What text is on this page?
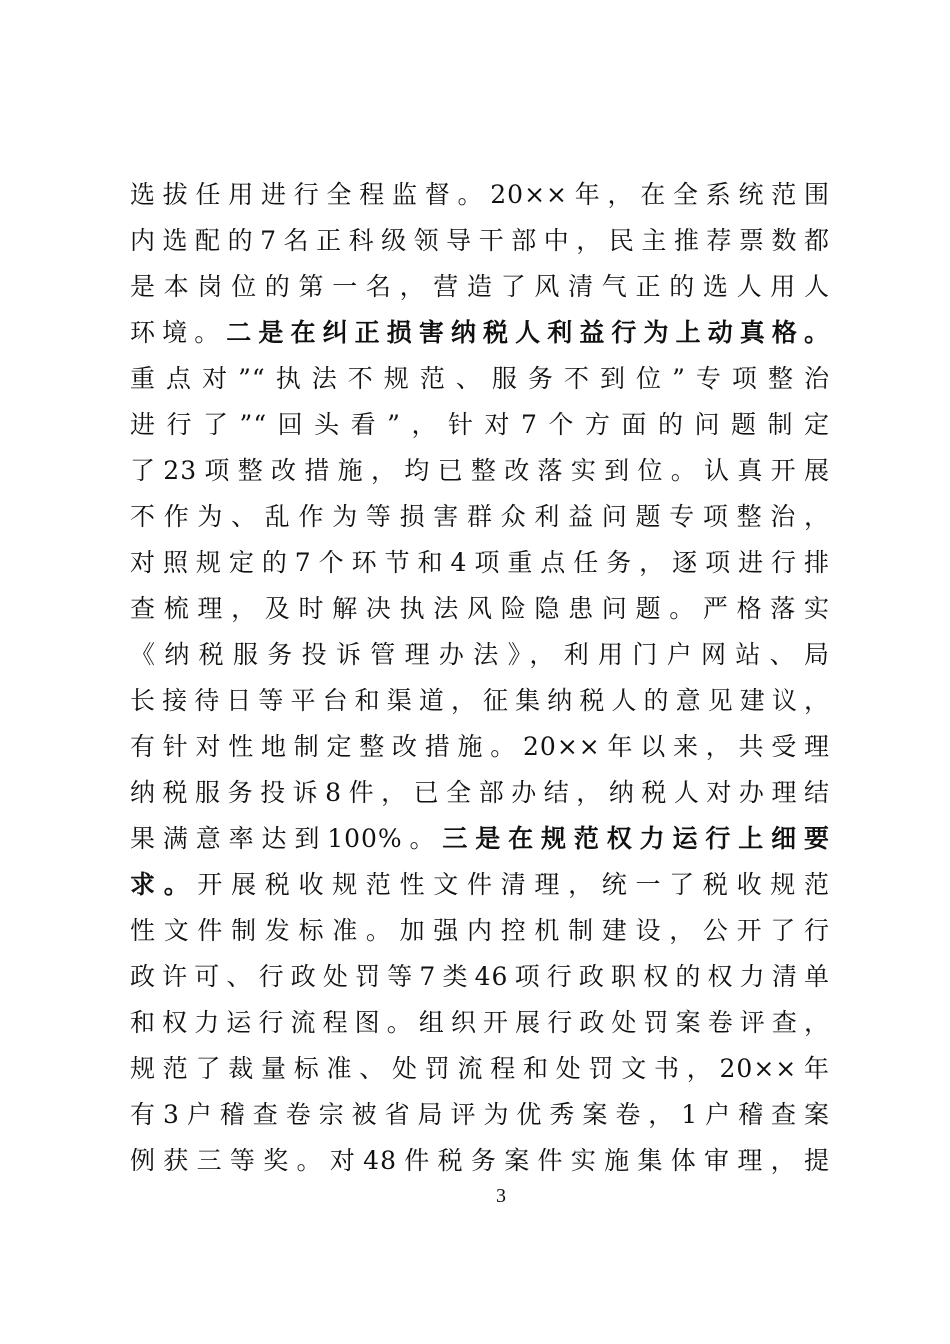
选拔任用进行全程监督。20××年，在全系统范围
内选配的7名正科级领导干部中，民主推荐票数都
是本岗位的第一名，营造了风清气正的选人用人
环境。二是在纠正损害纳税人利益行为上动真格。
重点对”“执法不规范、服务不到位”专项整治
进行了”“回头看”，针对7个方面的问题制定
了23项整改措施，均已整改落实到位。认真开展
不作为、乱作为等损害群众利益问题专项整治，
对照规定的7个环节和4项重点任务，逐项进行排
查梳理，及时解决执法风险隐患问题。严格落实
《纳税服务投诉管理办法》，利用门户网站、局
长接待日等平台和渠道，征集纳税人的意见建议，
有针对性地制定整改措施。20××年以来，共受理
纳税服务投诉8件，已全部办结，纳税人对办理结
果满意率达到100%。三是在规范权力运行上细要
求。开展税收规范性文件清理，统一了税收规范
性文件制发标准。加强内控机制建设，公开了行
政许可、行政处罚等7类46项行政职权的权力清单
和权力运行流程图。组织开展行政处罚案卷评查，
规范了裁量标准、处罚流程和处罚文书，20××年
有3户稽查卷宗被省局评为优秀案卷，1户稽查案
例获三等奖。对48件税务案件实施集体审理，提
3
